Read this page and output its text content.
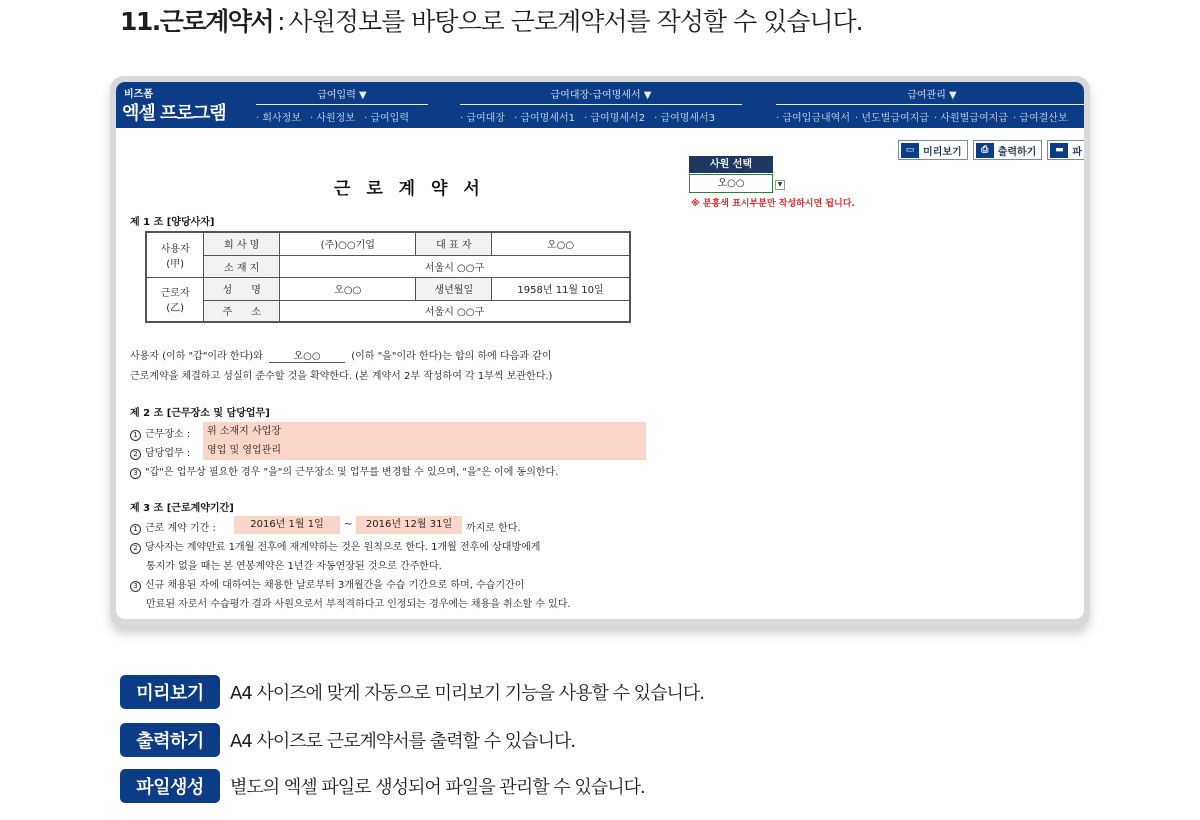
11.근로계약서 : 사원정보를 바탕으로 근로계약서를 작성할 수 있습니다.
비즈폼
엑셀 프로그램
급여입력 ▼
· 회사정보 · 사원정보 · 급여입력
급여대장·급여명세서 ▼
· 급여대장 · 급여명세서1 · 급여명세서2 · 급여명세서3
급여관리 ▼
· 급여입금내역서 · 년도별급여지급 · 사원별급여지급 · 급여결산보
▭ 미리보기	⎙ 출력하기	▬ 파
사원 선택
오○○	▼
※ 분홍색 표시부분만 작성하시면 됩니다.
근 로 계 약 서
제 1 조 [양당사자]
사용자
(甲)	회 사 명	(주)○○기업	대 표 자	오○○
	소 재 지	서울시 ○○구		
근로자
(乙)	성      명	오○○	생년월일	1958년 11월 10일
	주      소	서울시 ○○구		
사용자 (이하 "갑"이라 한다)와	오○○	(이하 "을"이라 한다)는 합의 하에 다음과 같이
근로계약을 체결하고 성실히 준수할 것을 확약한다. (본 계약서 2부 작성하여 각 1부씩 보관한다.)
제 2 조 [근무장소 및 담당업무]
1 근무장소 :	위 소재지 사업장
2 담당업무 :	영업 및 영업관리
3 "갑"은 업무상 필요한 경우 "을"의 근무장소 및 업무를 변경할 수 있으며, "을"은 이에 동의한다.
제 3 조 [근로계약기간]
1 근로 계약 기간 :	2016년 1월 1일	~	2016년 12월 31일	까지로 한다.
2 당사자는 계약만료 1개월 전후에 재계약하는 것은 원칙으로 한다. 1개월 전후에 상대방에게
통지가 없을 때는 본 연봉계약은 1년간 자동연장된 것으로 간주한다.
3 신규 채용된 자에 대하여는 채용한 날로부터 3개월간을 수습 기간으로 하며, 수습기간이
만료된 자로서 수습평가 결과 사원으로서 부적격하다고 인정되는 경우에는 채용을 취소할 수 있다.
미리보기	A4 사이즈에 맞게 자동으로 미리보기 기능을 사용할 수 있습니다.
출력하기	A4 사이즈로 근로계약서를 출력할 수 있습니다.
파일생성	별도의 엑셀 파일로 생성되어 파일을 관리할 수 있습니다.
